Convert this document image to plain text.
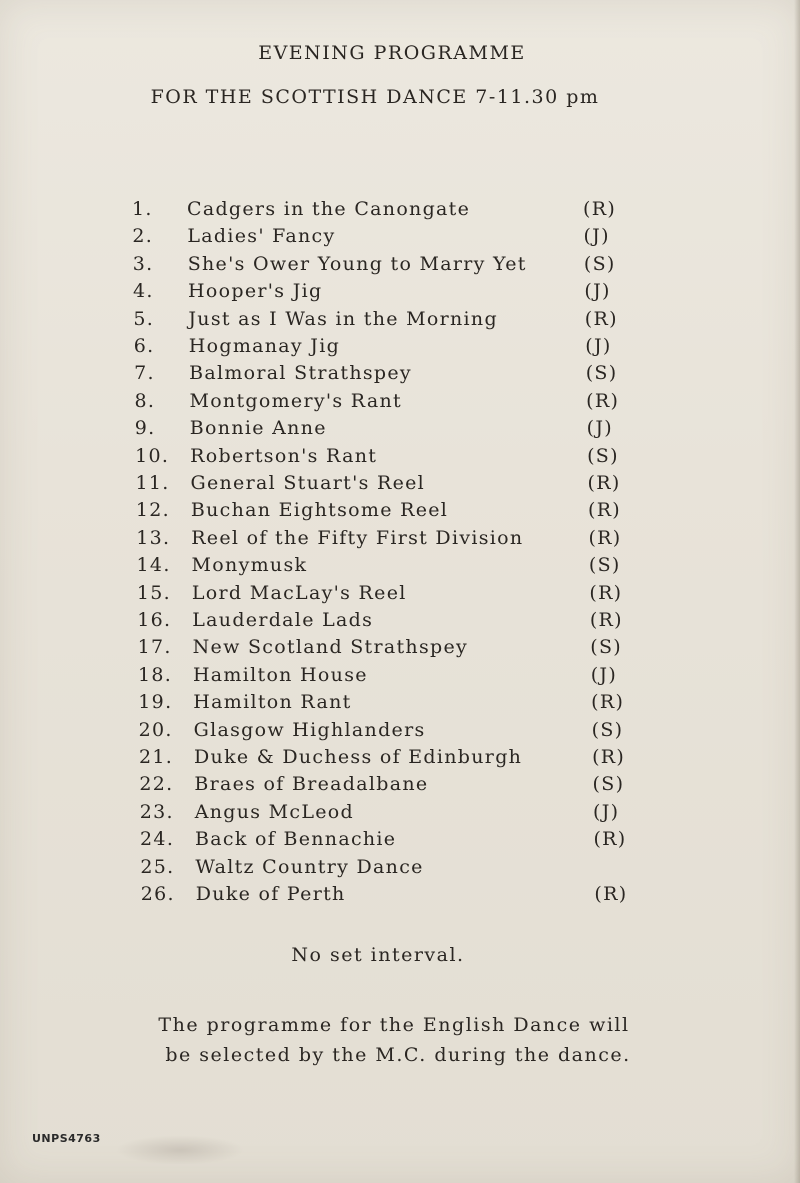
EVENING PROGRAMME
FOR THE SCOTTISH DANCE 7-11.30 pm
1. Cadgers in the Canongate	(R)
2. Ladies' Fancy	(J)
3. She's Ower Young to Marry Yet	(S)
4. Hooper's Jig	(J)
5. Just as I Was in the Morning	(R)
6. Hogmanay Jig	(J)
7. Balmoral Strathspey	(S)
8. Montgomery's Rant	(R)
9. Bonnie Anne	(J)
10. Robertson's Rant	(S)
11. General Stuart's Reel	(R)
12. Buchan Eightsome Reel	(R)
13. Reel of the Fifty First Division	(R)
14. Monymusk	(S)
15. Lord MacLay's Reel	(R)
16. Lauderdale Lads	(R)
17. New Scotland Strathspey	(S)
18. Hamilton House	(J)
19. Hamilton Rant	(R)
20. Glasgow Highlanders	(S)
21. Duke & Duchess of Edinburgh	(R)
22. Braes of Breadalbane	(S)
23. Angus McLeod	(J)
24. Back of Bennachie	(R)
25. Waltz Country Dance
26. Duke of Perth	(R)
No set interval.
The programme for the English Dance will
be selected by the M.C. during the dance.
UNPS4763
